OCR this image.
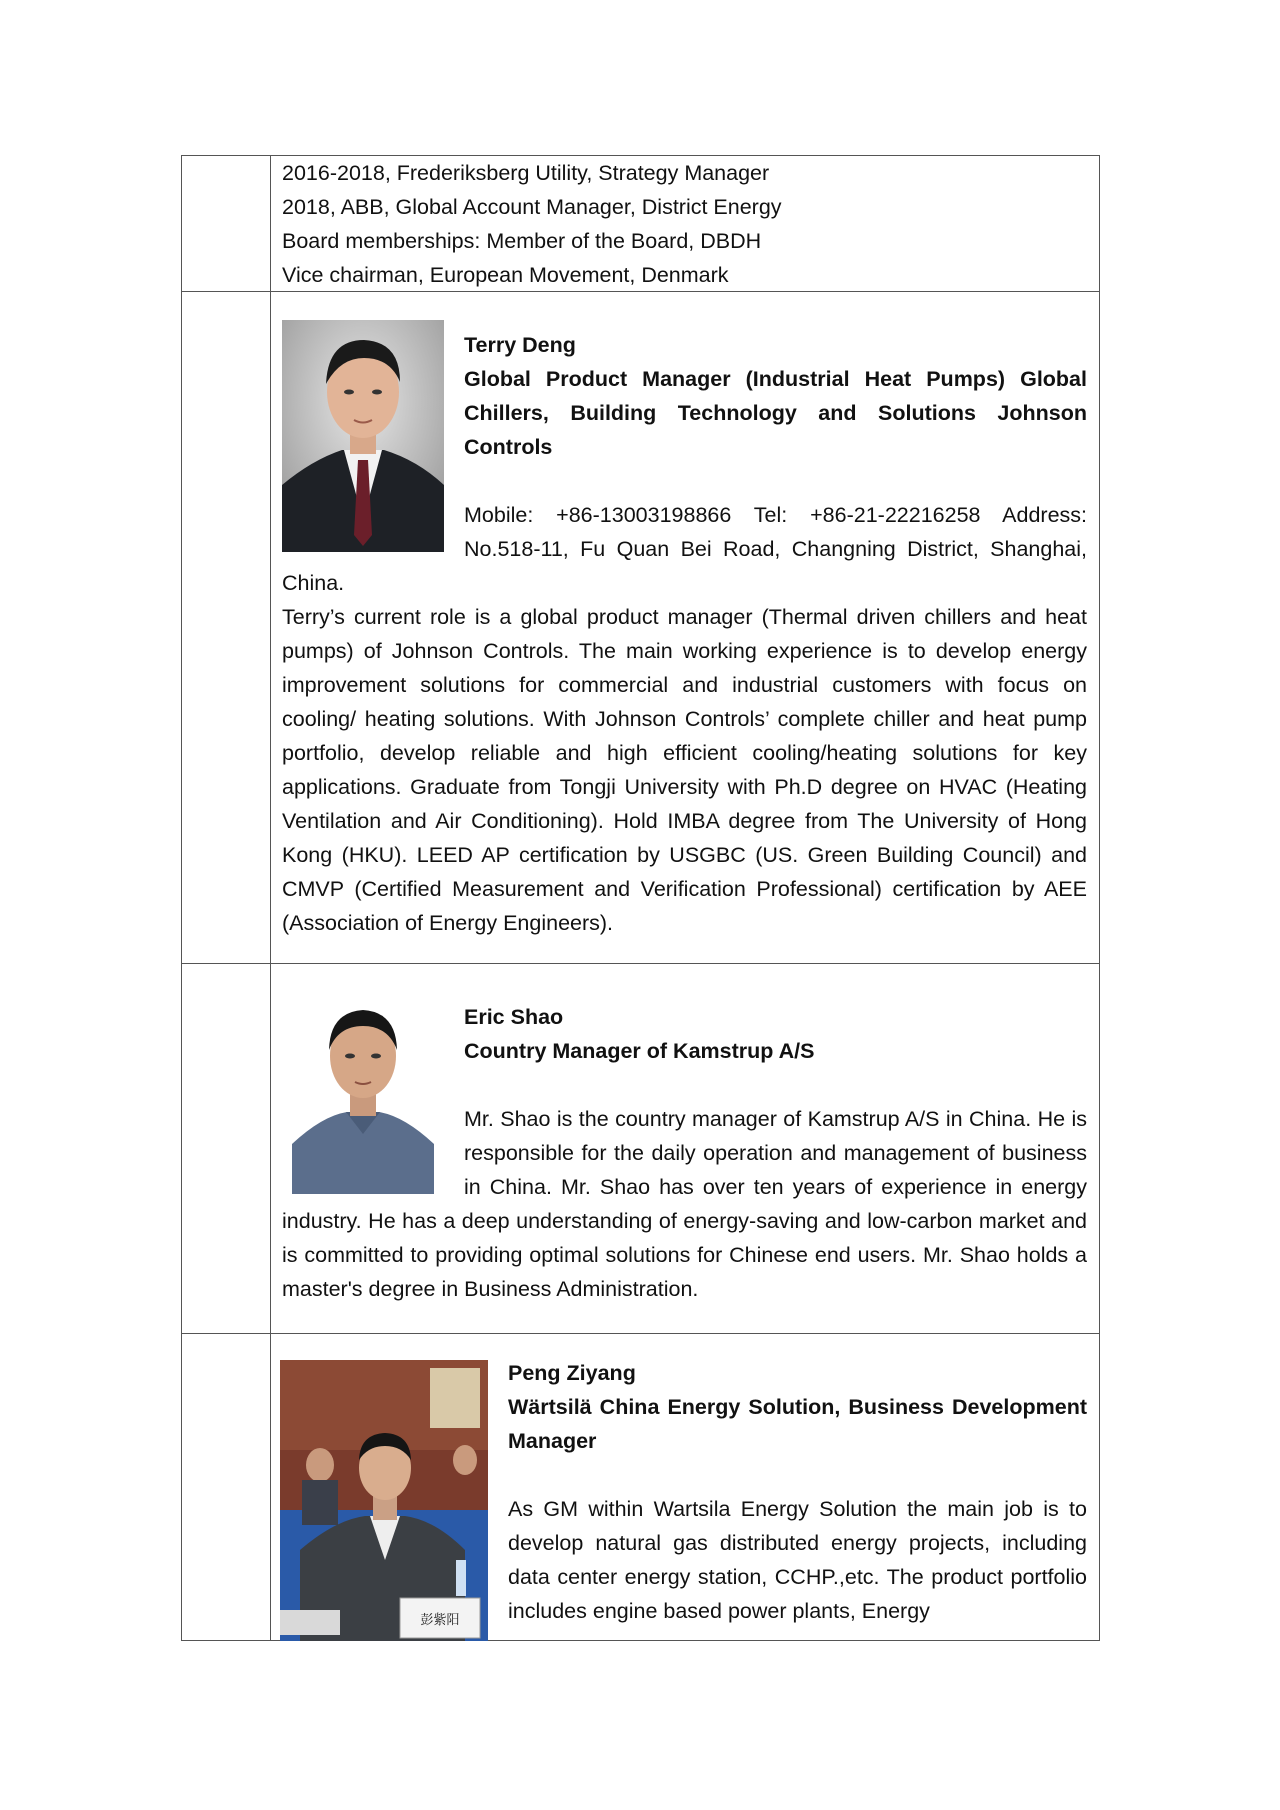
2016-2018, Frederiksberg Utility, Strategy Manager

2018, ABB, Global Account Manager, District Energy

Board memberships: Member of the Board, DBDH

Vice chairman, European Movement, Denmark

Terry Deng

Global Product Manager (Industrial Heat Pumps) Global Chillers, Building Technology and Solutions Johnson Controls

Mobile: +86-13003198866 Tel: +86-21-22216258 Address: No.518-11, Fu Quan Bei Road, Changning District, Shanghai, China.

Terry’s current role is a global product manager (Thermal driven chillers and heat pumps) of Johnson Controls. The main working experience is to develop energy improvement solutions for commercial and industrial customers with focus on cooling/ heating solutions. With Johnson Controls’ complete chiller and heat pump portfolio, develop reliable and high efficient cooling/heating solutions for key applications. Graduate from Tongji University with Ph.D degree on HVAC (Heating Ventilation and Air Conditioning). Hold IMBA degree from The University of Hong Kong (HKU). LEED AP certification by USGBC (US. Green Building Council) and CMVP (Certified Measurement and Verification Professional) certification by AEE (Association of Energy Engineers).

Eric Shao

Country Manager of Kamstrup A/S

Mr. Shao is the country manager of Kamstrup A/S in China. He is responsible for the daily operation and management of business in China. Mr. Shao has over ten years of experience in energy industry. He has a deep understanding of energy-saving and low-carbon market and is committed to providing optimal solutions for Chinese end users. Mr. Shao holds a master's degree in Business Administration.

彭紫阳

Peng Ziyang

Wärtsilä China Energy Solution, Business Development Manager

As GM within Wartsila Energy Solution the main job is to develop natural gas distributed energy projects, including data center energy station, CCHP.,etc. The product portfolio includes engine based power plants, Energy
